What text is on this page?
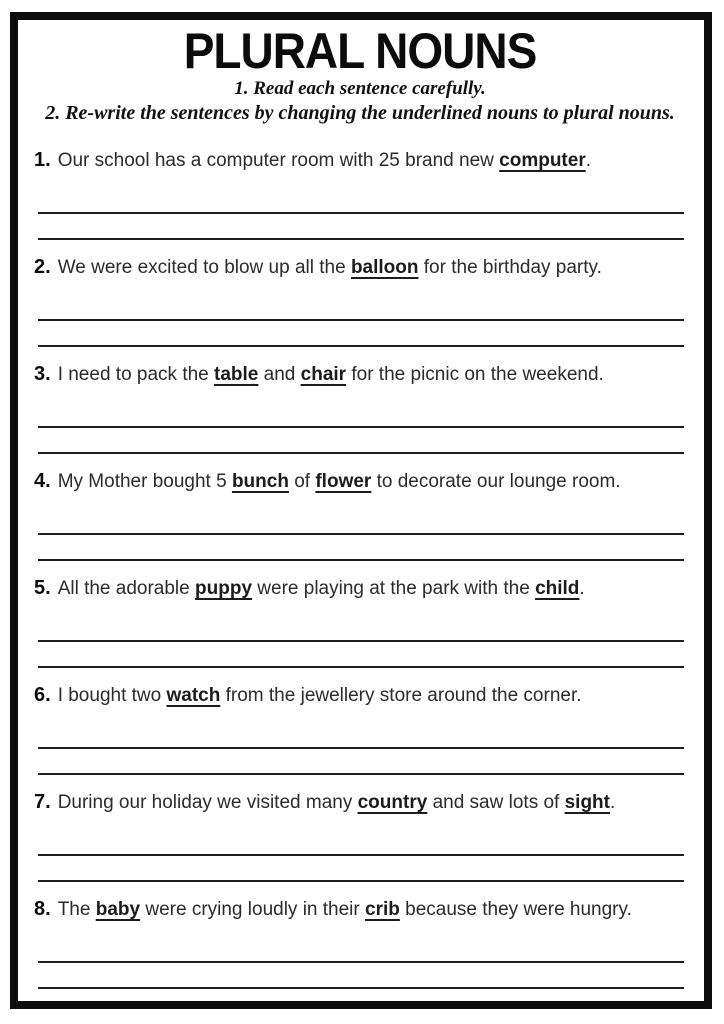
PLURAL NOUNS
1. Read each sentence carefully.
2. Re-write the sentences by changing the underlined nouns to plural nouns.
1. Our school has a computer room with 25 brand new computer.
2. We were excited to blow up all the balloon for the birthday party.
3. I need to pack the table and chair for the picnic on the weekend.
4. My Mother bought 5 bunch of flower to decorate our lounge room.
5. All the adorable puppy were playing at the park with the child.
6. I bought two watch from the jewellery store around the corner.
7. During our holiday we visited many country and saw lots of sight.
8. The baby were crying loudly in their crib because they were hungry.
